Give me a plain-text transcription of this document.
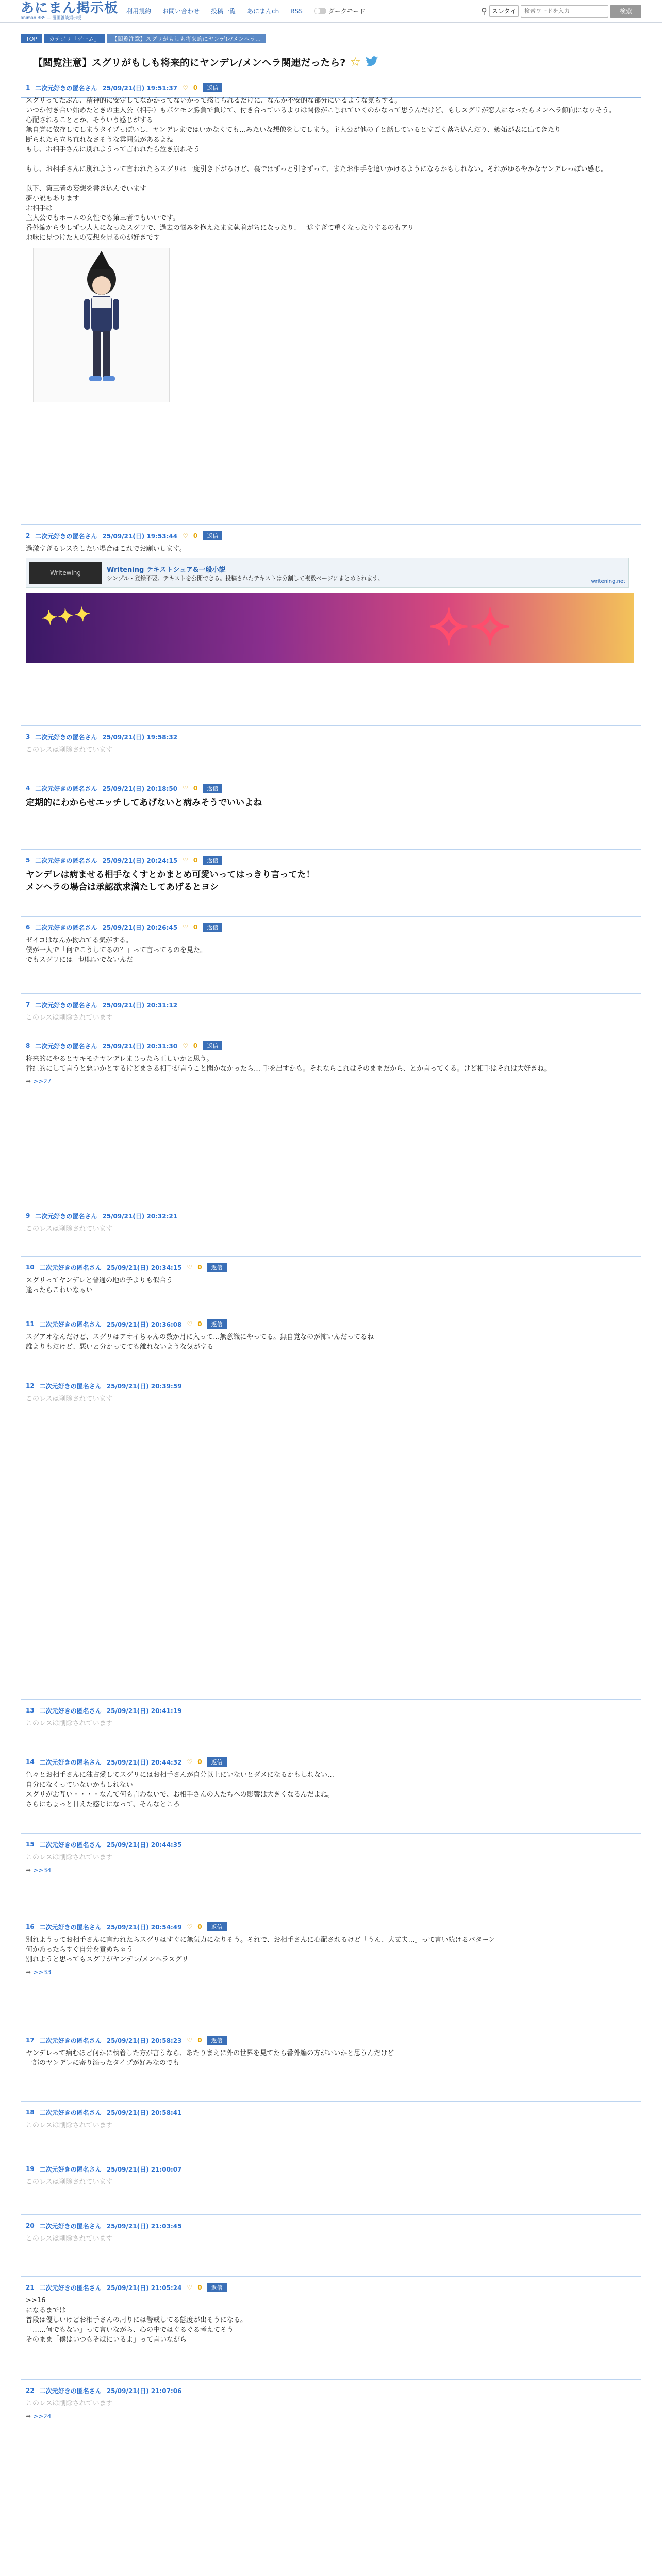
あにまん掲示板
animan BBS — 漫画雑談掲示板
利用規約 お問い合わせ 投稿一覧 あにまんch RSS	ダークモード	⚲ スレタイ
検索ワードを入力	検索
TOP	カテゴリ「ゲーム」	【閲覧注意】スグリがもしも将来的にヤンデレ/メンヘラ…
【閲覧注意】スグリがもしも将来的にヤンデレ/メンヘラ関連だったら? ☆
1 二次元好きの匿名さん 25/09/21(日) 19:51:37 ♡ 0	返信

スグリってたぶん、精神的に安定してなかかってないかって感じられるだけに、なんか不安的な部分にいるような気もする。
いつか付き合い始めたときの主人公（相手）もポケモン勝負で負けて、付き合っているよりは関係がこじれていくのかなって思うんだけど、もしスグリが恋人になったらメンヘラ傾向になりそう。
心配されることとか、そういう感じがする
無自覚に依存してしまうタイプっぽいし、ヤンデレまではいかなくても…みたいな想像をしてしまう。主人公が他の子と話しているとすごく落ち込んだり、嫉妬が表に出てきたり
断られたら立ち直れなさそうな雰囲気があるよね
もし、お相手さんに別れようって言われたら泣き崩れそう

もし、お相手さんに別れようって言われたらスグリは一度引き下がるけど、裏ではずっと引きずって、またお相手を追いかけるようになるかもしれない。それがゆるやかなヤンデレっぽい感じ。

以下、第三者の妄想を書き込んでいます
夢小説もあります
お相手は
主人公でもホームの女性でも第三者でもいいです。
番外編から少しずつ大人になったスグリで、過去の悩みを抱えたまま執着がちになったり、一途すぎて重くなったりするのもアリ
地味に見つけた人の妄想を見るのが好きです

2 二次元好きの匿名さん 25/09/21(日) 19:53:44 ♡ 0	返信

過激すぎるレスをしたい場合はこれでお願いします。

Writewing	Writening テキストシェア&一般小説
シンプル・登録不要。テキストを公開できる。投稿されたテキストは分割して複数ページにまとめられます。	writening.net
✦✦✦	✧✧
3 二次元好きの匿名さん 25/09/21(日) 19:58:32

このレスは削除されています

4 二次元好きの匿名さん 25/09/21(日) 20:18:50 ♡ 0	返信

定期的にわからせエッチしてあげないと病みそうでいいよね

5 二次元好きの匿名さん 25/09/21(日) 20:24:15 ♡ 0	返信

ヤンデレは病ませる相手なくすとかまとめ可愛いってはっきり言ってた！
メンヘラの場合は承認欲求満たしてあげるとヨシ

6 二次元好きの匿名さん 25/09/21(日) 20:26:45 ♡ 0	返信

ゼイコはなんか拗ねてる気がする。
僕が一人で「何でこうしてるの？」って言ってるのを見た。
でもスグリには一切無いでないんだ

7 二次元好きの匿名さん 25/09/21(日) 20:31:12

このレスは削除されています

8 二次元好きの匿名さん 25/09/21(日) 20:31:30 ♡ 0	返信

将来的にやるとヤキモチヤンデレまじったら正しいかと思う。
番組的にして言うと悪いかとするけどまさる相手が言うこと聞かなかったら… 手を出すかも。それならこれはそのままだから、とか言ってくる。けど相手はそれは大好きね。

➦ >>27
9 二次元好きの匿名さん 25/09/21(日) 20:32:21

このレスは削除されています

10 二次元好きの匿名さん 25/09/21(日) 20:34:15 ♡ 0	返信

スグリってヤンデレと普通の地の子よりも似合う
逢ったらこわいなぁい

11 二次元好きの匿名さん 25/09/21(日) 20:36:08 ♡ 0	返信

スグアオなんだけど、スグリはアオイちゃんの数か月に入って…無意識にやってる。無自覚なのが怖いんだってるね
誰よりもだけど、悪いと分かってても離れないような気がする

12 二次元好きの匿名さん 25/09/21(日) 20:39:59

このレスは削除されています

13 二次元好きの匿名さん 25/09/21(日) 20:41:19

このレスは削除されています

14 二次元好きの匿名さん 25/09/21(日) 20:44:32 ♡ 0	返信

色々とお相手さんに独占愛してスグリにはお相手さんが自分以上にいないとダメになるかもしれない…
自分になくっていないかもしれない
スグリがお互い・・・・なんて何も言わないで、お相手さんの人たちへの影響は大きくなるんだよね。
さらにちょっと甘えた感じになって、そんなところ

15 二次元好きの匿名さん 25/09/21(日) 20:44:35

このレスは削除されています

➦ >>34
16 二次元好きの匿名さん 25/09/21(日) 20:54:49 ♡ 0	返信

別れようってお相手さんに言われたらスグリはすぐに無気力になりそう。それで、お相手さんに心配されるけど「うん、大丈夫…」って言い続けるパターン
何かあったらすぐ自分を責めちゃう
別れようと思ってもスグリがヤンデレ/メンヘラスグリ

➦ >>33
17 二次元好きの匿名さん 25/09/21(日) 20:58:23 ♡ 0	返信

ヤンデレって病むほど何かに執着した方が言うなら、あたりまえに外の世界を見てたら番外編の方がいいかと思うんだけど
一部のヤンデレに寄り添ったタイプが好みなのでも

18 二次元好きの匿名さん 25/09/21(日) 20:58:41

このレスは削除されています

19 二次元好きの匿名さん 25/09/21(日) 21:00:07

このレスは削除されています

20 二次元好きの匿名さん 25/09/21(日) 21:03:45

このレスは削除されています

21 二次元好きの匿名さん 25/09/21(日) 21:05:24 ♡ 0	返信

>>16
になるまでは
普段は優しいけどお相手さんの周りには警戒してる態度が出そうになる。
「……何でもない」って言いながら、心の中ではぐるぐる考えてそう
そのまま「僕はいつもそばにいるよ」って言いながら

22 二次元好きの匿名さん 25/09/21(日) 21:07:06

このレスは削除されています

➦ >>24
